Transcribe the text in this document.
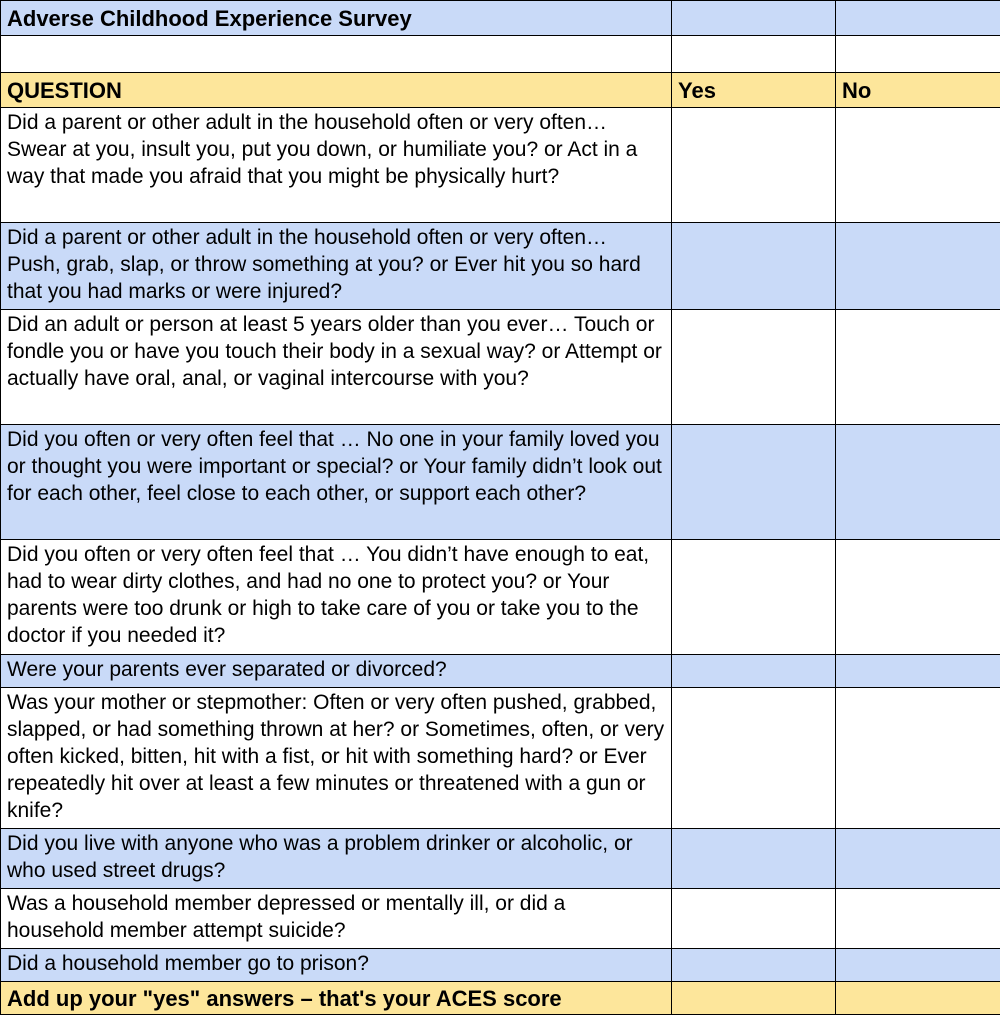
Adverse Childhood Experience Survey		

QUESTION	Yes	No
Did a parent or other adult in the household often or very often… Swear at you, insult you, put you down, or humiliate you? or Act in a way that made you afraid that you might be physically hurt?		
Did a parent or other adult in the household often or very often… Push, grab, slap, or throw something at you? or Ever hit you so hard that you had marks or were injured?		
Did an adult or person at least 5 years older than you ever… Touch or fondle you or have you touch their body in a sexual way? or Attempt or actually have oral, anal, or vaginal intercourse with you?		
Did you often or very often feel that … No one in your family loved you or thought you were important or special? or Your family didn’t look out for each other, feel close to each other, or support each other?		
Did you often or very often feel that … You didn’t have enough to eat, had to wear dirty clothes, and had no one to protect you? or Your parents were too drunk or high to take care of you or take you to the doctor if you needed it?		
Were your parents ever separated or divorced?		
Was your mother or stepmother: Often or very often pushed, grabbed, slapped, or had something thrown at her? or Sometimes, often, or very often kicked, bitten, hit with a fist, or hit with something hard? or Ever repeatedly hit over at least a few minutes or threatened with a gun or knife?		
Did you live with anyone who was a problem drinker or alcoholic, or who used street drugs?		
Was a household member depressed or mentally ill, or did a household member attempt suicide?		
Did a household member go to prison?		
Add up your "yes" answers – that's your ACES score		
